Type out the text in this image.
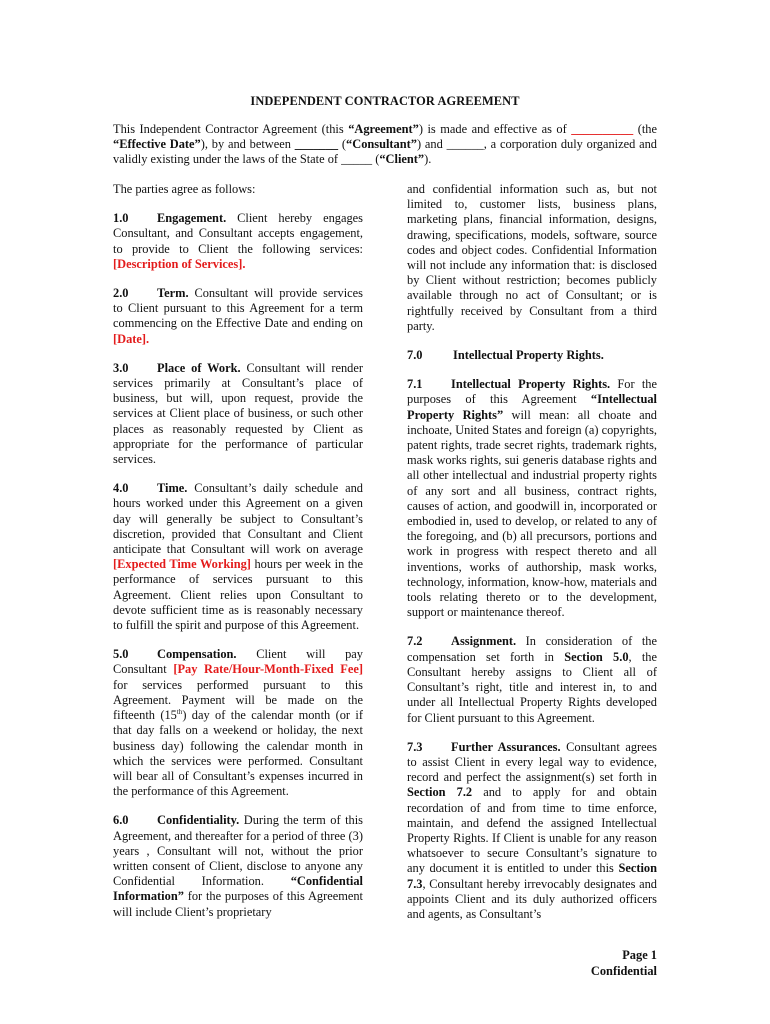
INDEPENDENT CONTRACTOR AGREEMENT
This Independent Contractor Agreement (this “Agreement”) is made and effective as of __________ (the “Effective Date”), by and between _______ (“Consultant”) and ______, a corporation duly organized and validly existing under the laws of the State of _____ (“Client”).

The parties agree as follows:

1.0 Engagement. Client hereby engages Consultant, and Consultant accepts engagement, to provide to Client the following services: [Description of Services].

2.0 Term. Consultant will provide services to Client pursuant to this Agreement for a term commencing on the Effective Date and ending on [Date].

3.0 Place of Work. Consultant will render services primarily at Consultant’s place of business, but will, upon request, provide the services at Client place of business, or such other places as reasonably requested by Client as appropriate for the performance of particular services.

4.0 Time. Consultant’s daily schedule and hours worked under this Agreement on a given day will generally be subject to Consultant’s discretion, provided that Consultant and Client anticipate that Consultant will work on average [Expected Time Working] hours per week in the performance of services pursuant to this Agreement. Client relies upon Consultant to devote sufficient time as is reasonably necessary to fulfill the spirit and purpose of this Agreement.

5.0 Compensation. Client will pay Consultant [Pay Rate/Hour-Month-Fixed Fee] for services performed pursuant to this Agreement. Payment will be made on the fifteenth (15th) day of the calendar month (or if that day falls on a weekend or holiday, the next business day) following the calendar month in which the services were performed. Consultant will bear all of Consultant’s expenses incurred in the performance of this Agreement.

6.0 Confidentiality. During the term of this Agreement, and thereafter for a period of three (3) years , Consultant will not, without the prior written consent of Client, disclose to anyone any Confidential Information. “Confidential Information” for the purposes of this Agreement will include Client’s proprietary

and confidential information such as, but not limited to, customer lists, business plans, marketing plans, financial information, designs, drawing, specifications, models, software, source codes and object codes. Confidential Information will not include any information that: is disclosed by Client without restriction; becomes publicly available through no act of Consultant; or is rightfully received by Consultant from a third party.

7.0 Intellectual Property Rights.

7.1 Intellectual Property Rights. For the purposes of this Agreement “Intellectual Property Rights” will mean: all choate and inchoate, United States and foreign (a) copyrights, patent rights, trade secret rights, trademark rights, mask works rights, sui generis database rights and all other intellectual and industrial property rights of any sort and all business, contract rights, causes of action, and goodwill in, incorporated or embodied in, used to develop, or related to any of the foregoing, and (b) all precursors, portions and work in progress with respect thereto and all inventions, works of authorship, mask works, technology, information, know-how, materials and tools relating thereto or to the development, support or maintenance thereof.

7.2 Assignment. In consideration of the compensation set forth in Section 5.0, the Consultant hereby assigns to Client all of Consultant’s right, title and interest in, to and under all Intellectual Property Rights developed for Client pursuant to this Agreement.

7.3 Further Assurances. Consultant agrees to assist Client in every legal way to evidence, record and perfect the assignment(s) set forth in Section 7.2 and to apply for and obtain recordation of and from time to time enforce, maintain, and defend the assigned Intellectual Property Rights. If Client is unable for any reason whatsoever to secure Consultant’s signature to any document it is entitled to under this Section 7.3, Consultant hereby irrevocably designates and appoints Client and its duly authorized officers and agents, as Consultant’s

Page 1
Confidential
